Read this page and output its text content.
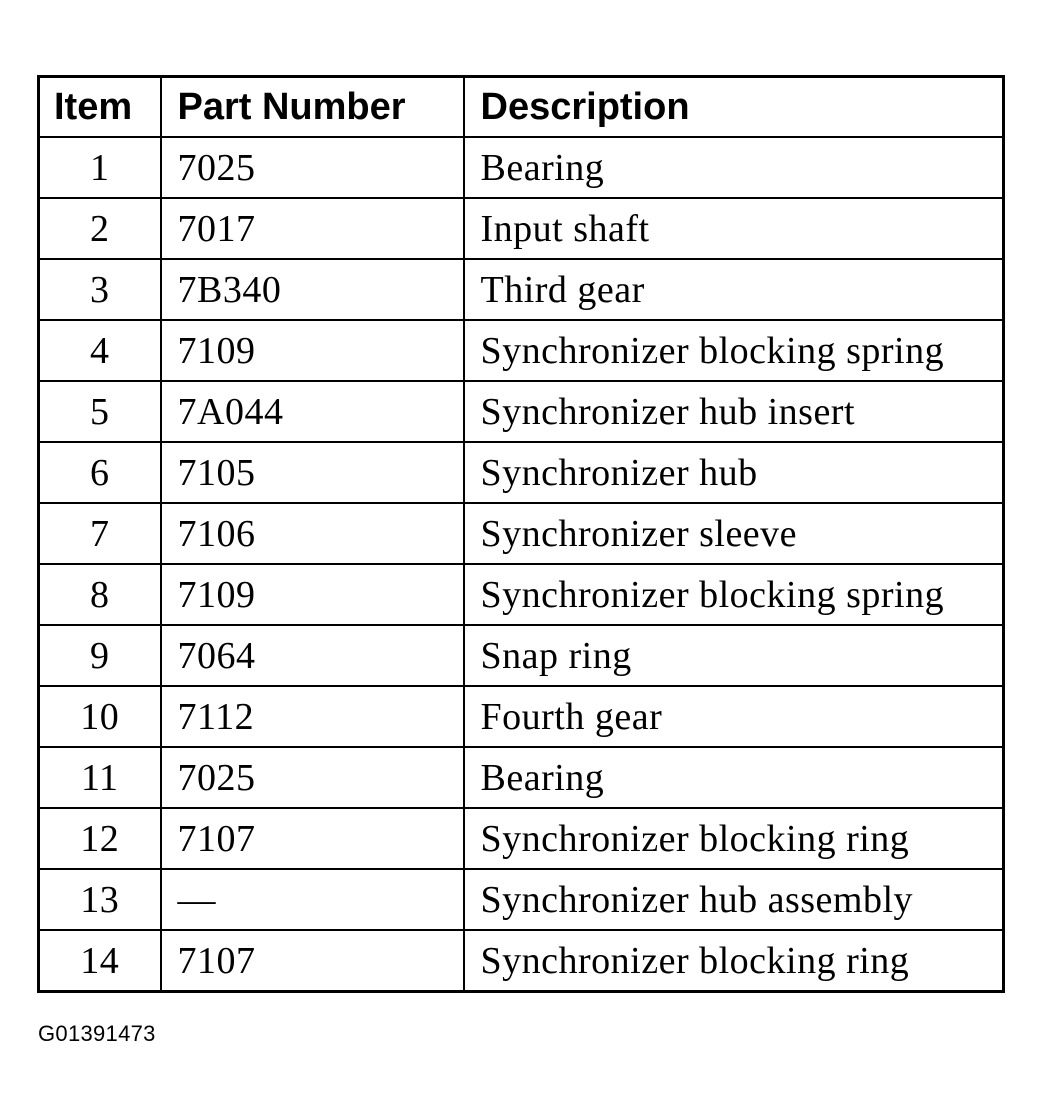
Item	Part Number	Description
1	7025	Bearing
2	7017	Input shaft
3	7B340	Third gear
4	7109	Synchronizer blocking spring
5	7A044	Synchronizer hub insert
6	7105	Synchronizer hub
7	7106	Synchronizer sleeve
8	7109	Synchronizer blocking spring
9	7064	Snap ring
10	7112	Fourth gear
11	7025	Bearing
12	7107	Synchronizer blocking ring
13	—	Synchronizer hub assembly
14	7107	Synchronizer blocking ring
G01391473
